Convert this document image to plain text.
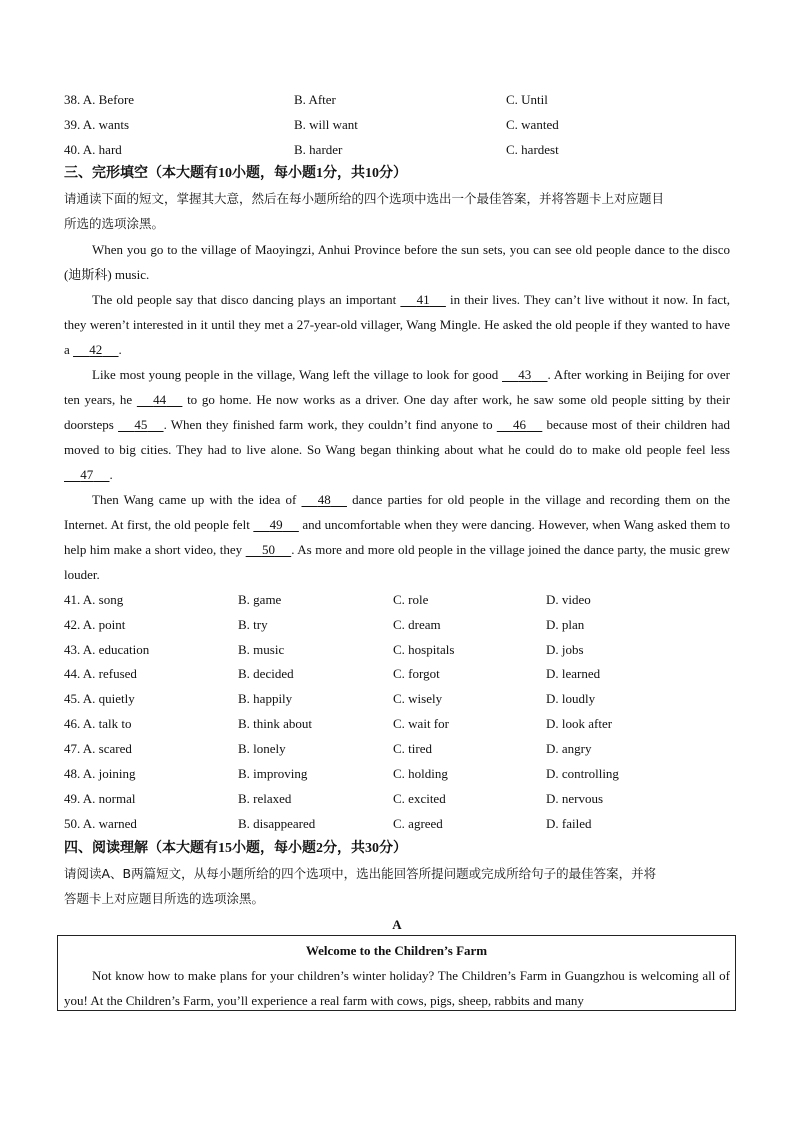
38. A. Before	B. After	C. Until
39. A. wants	B. will want	C. wanted
40. A. hard	B. harder	C. hardest
三、完形填空（本大题有10小题，每小题1分，共10分）
请通读下面的短文，掌握其大意，然后在每小题所给的四个选项中选出一个最佳答案，并将答题卡上对应题目
所选的选项涂黑。
When you go to the village of Maoyingzi, Anhui Province before the sun sets, you can see old people dance to the disco (迪斯科) music.
The old people say that disco dancing plays an important 41 in their lives. They can’t live without it now. In fact, they weren’t interested in it until they met a 27-year-old villager, Wang Mingle. He asked the old people if they wanted to have a 42 .
Like most young people in the village, Wang left the village to look for good 43 . After working in Beijing for over ten years, he 44 to go home. He now works as a driver. One day after work, he saw some old people sitting by their doorsteps 45 . When they finished farm work, they couldn’t find anyone to 46 because most of their children had moved to big cities. They had to live alone. So Wang began thinking about what he could do to make old people feel less 47 .
Then Wang came up with the idea of 48 dance parties for old people in the village and recording them on the Internet. At first, the old people felt 49 and uncomfortable when they were dancing. However, when Wang asked them to help him make a short video, they 50 . As more and more old people in the village joined the dance party, the music grew louder.
41. A. song	B. game	C. role	D. video
42. A. point	B. try	C. dream	D. plan
43. A. education	B. music	C. hospitals	D. jobs
44. A. refused	B. decided	C. forgot	D. learned
45. A. quietly	B. happily	C. wisely	D. loudly
46. A. talk to	B. think about	C. wait for	D. look after
47. A. scared	B. lonely	C. tired	D. angry
48. A. joining	B. improving	C. holding	D. controlling
49. A. normal	B. relaxed	C. excited	D. nervous
50. A. warned	B. disappeared	C. agreed	D. failed
四、阅读理解（本大题有15小题，每小题2分，共30分）
请阅读A、B两篇短文，从每小题所给的四个选项中，选出能回答所提问题或完成所给句子的最佳答案，并将
答题卡上对应题目所选的选项涂黑。
A
Welcome to the Children’s Farm
Not know how to make plans for your children’s winter holiday? The Children’s Farm in Guangzhou is welcoming all of you! At the Children’s Farm, you’ll experience a real farm with cows, pigs, sheep, rabbits and many
